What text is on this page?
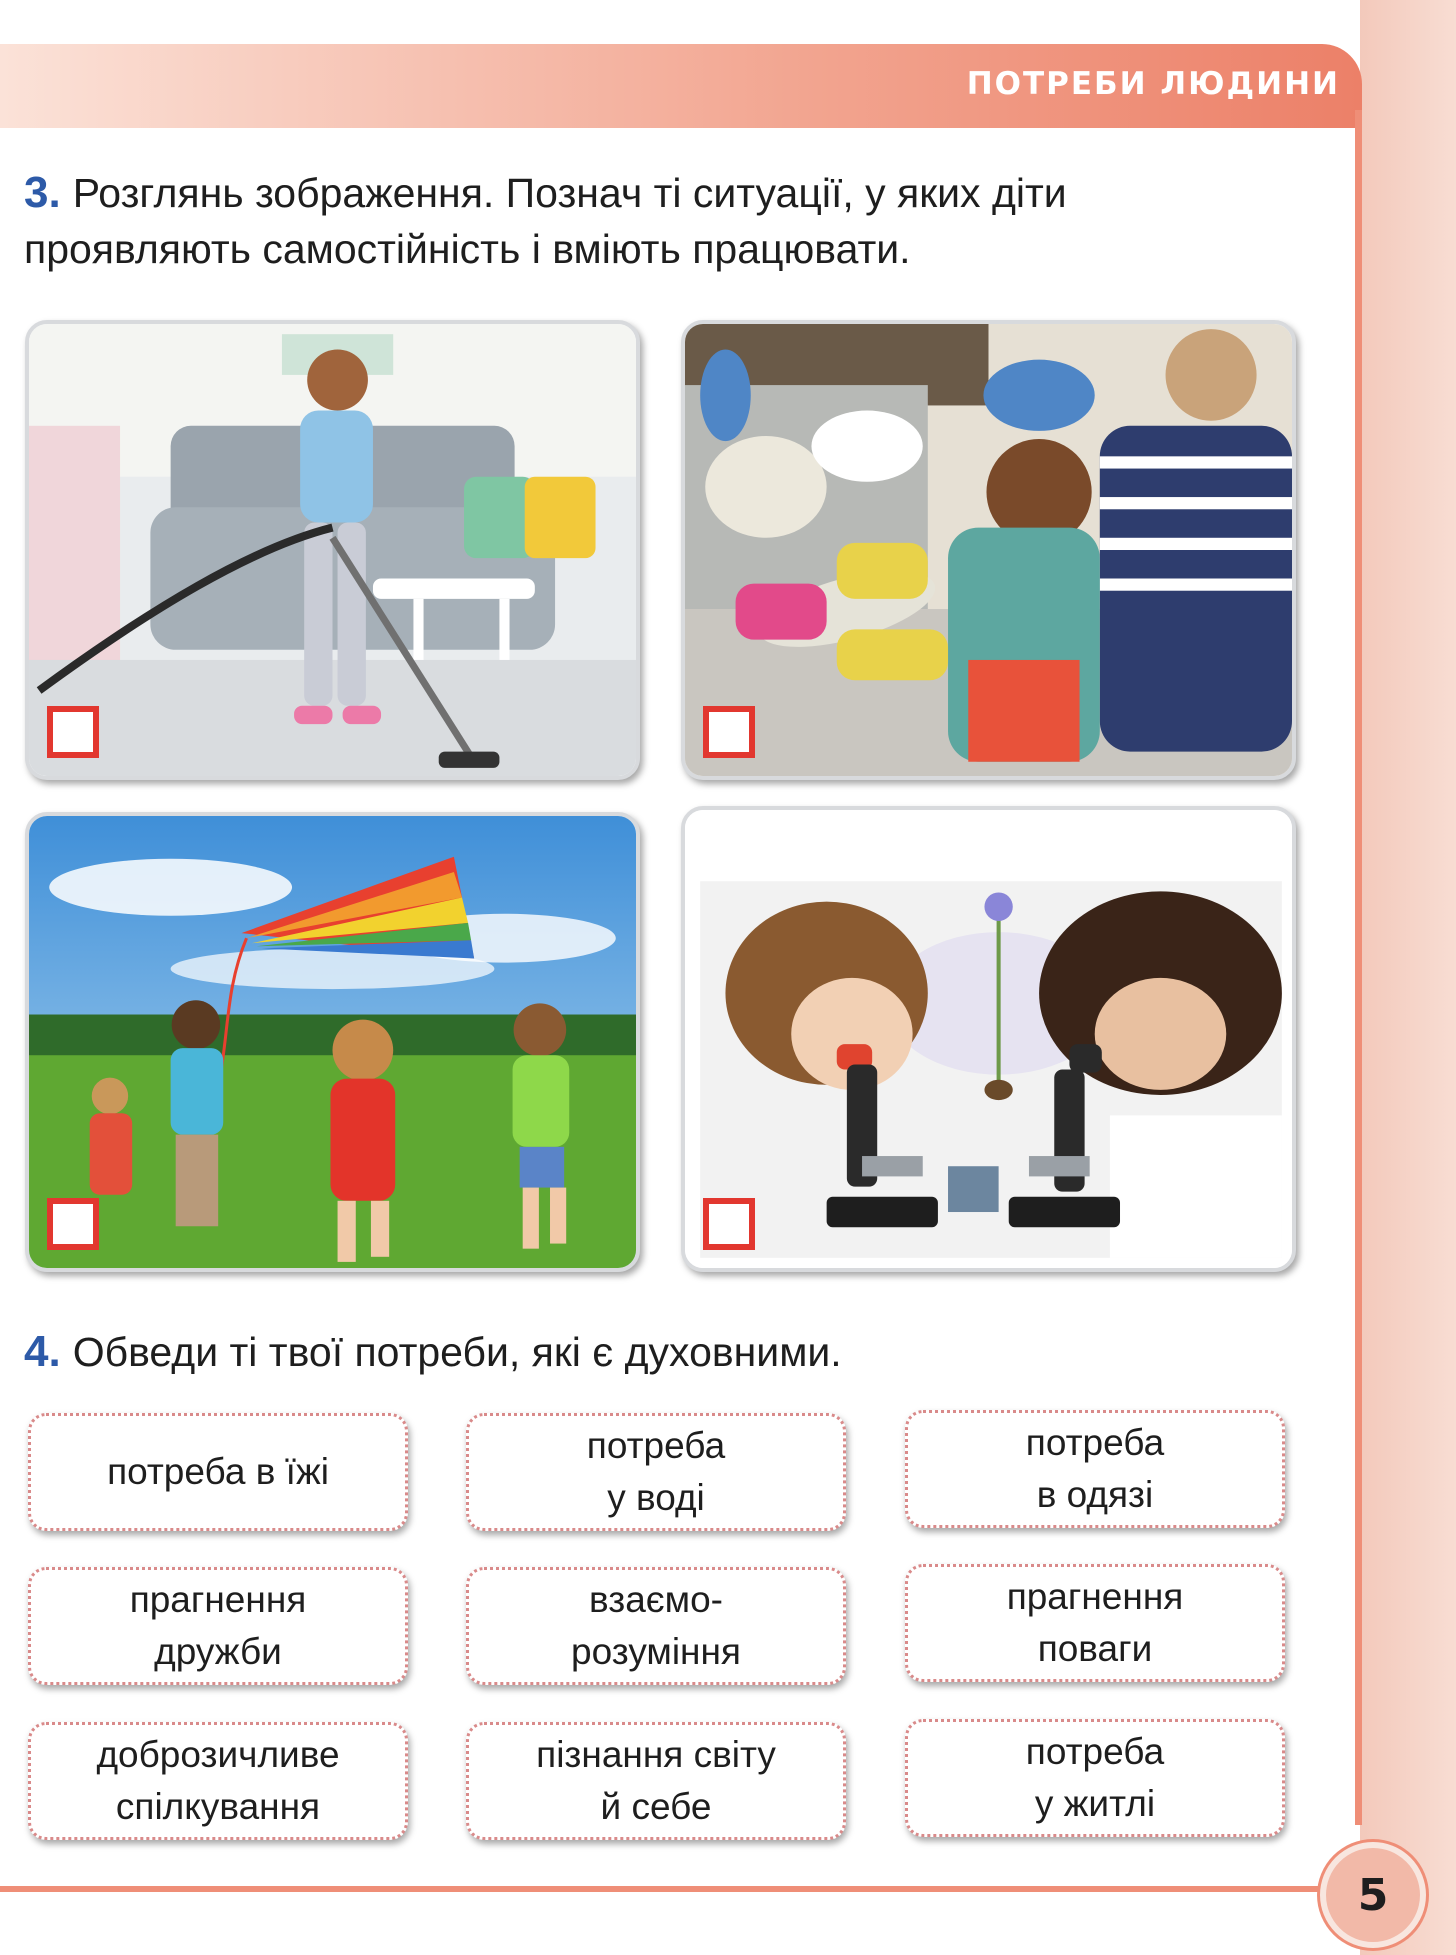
ПОТРЕБИ ЛЮДИНИ
3. Розглянь зображення. Познач ті ситуації, у яких діти проявляють самостійність і вміють працювати.
4. Обведи ті твої потреби, які є духовними.
потреба в їжі
потреба
у воді
потреба
в одязі
прагнення
дружби
взаємо-
розуміння
прагнення
поваги
доброзичливе
спілкування
пізнання світу
й себе
потреба
у житлі
5
